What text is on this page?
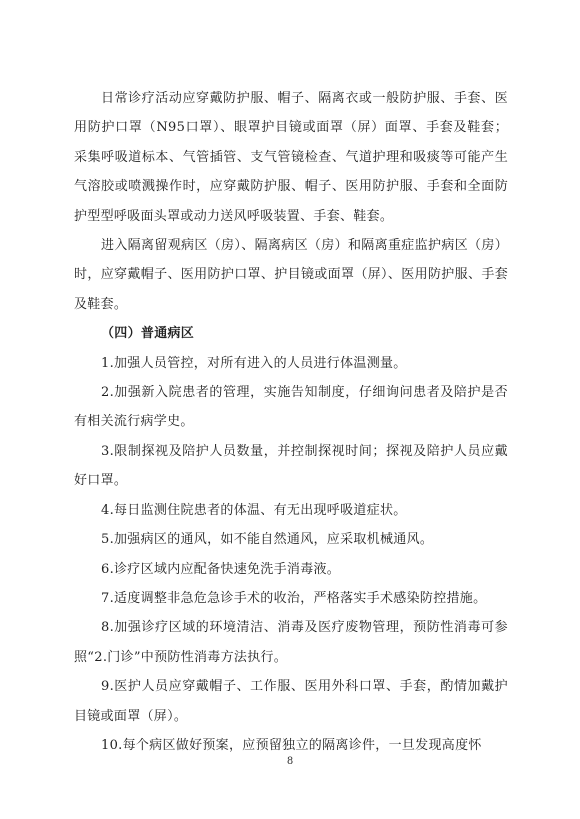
日常诊疗活动应穿戴防护服、帽子、隔离衣或一般防护服、手套、医用防护口罩（N95口罩）、眼罩护目镜或面罩（屏）面罩、手套及鞋套；采集呼吸道标本、气管插管、支气管镜检查、气道护理和吸痰等可能产生气溶胶或喷溅操作时，应穿戴防护服、帽子、医用防护服、手套和全面防护型型呼吸面头罩或动力送风呼吸装置、手套、鞋套。

进入隔离留观病区（房）、隔离病区（房）和隔离重症监护病区（房）时，应穿戴帽子、医用防护口罩、护目镜或面罩（屏）、医用防护服、手套及鞋套。

（四）普通病区

1.加强人员管控，对所有进入的人员进行体温测量。

2.加强新入院患者的管理，实施告知制度，仔细询问患者及陪护是否有相关流行病学史。

3.限制探视及陪护人员数量，并控制探视时间；探视及陪护人员应戴好口罩。

4.每日监测住院患者的体温、有无出现呼吸道症状。

5.加强病区的通风，如不能自然通风，应采取机械通风。

6.诊疗区域内应配备快速免洗手消毒液。

7.适度调整非急危急诊手术的收治，严格落实手术感染防控措施。

8.加强诊疗区域的环境清洁、消毒及医疗废物管理，预防性消毒可参照“2.门诊”中预防性消毒方法执行。

9.医护人员应穿戴帽子、工作服、医用外科口罩、手套，酌情加戴护目镜或面罩（屏）。

10.每个病区做好预案，应预留独立的隔离诊件，一旦发现高度怀

8
